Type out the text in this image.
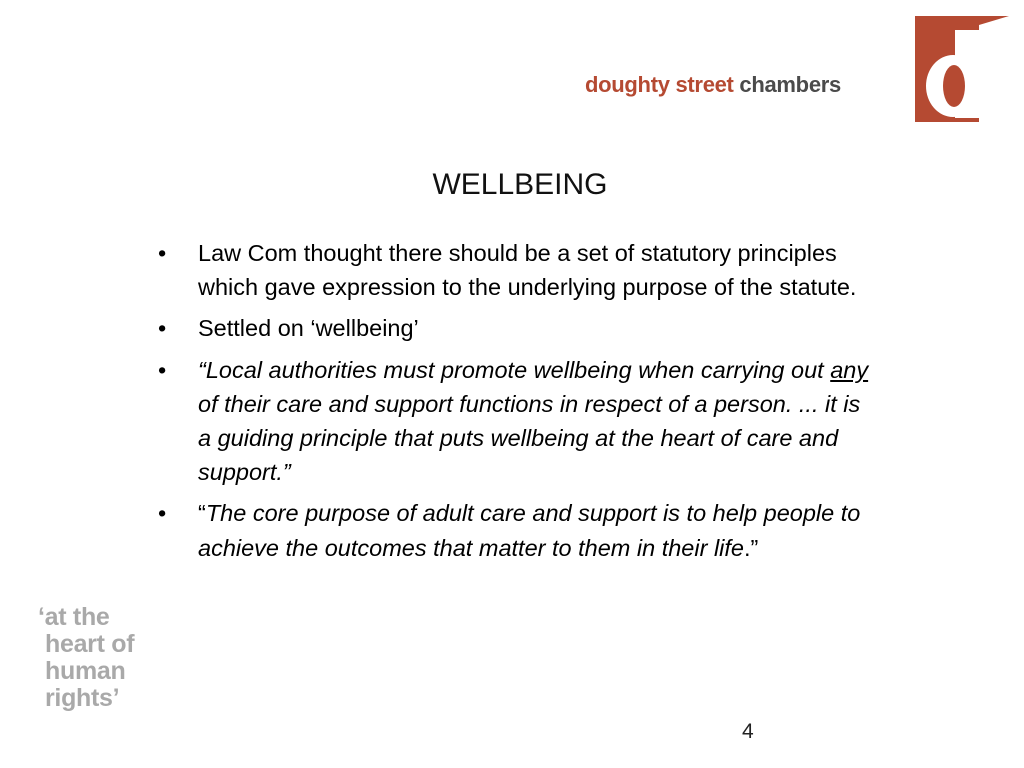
doughty street chambers
WELLBEING
• Law Com thought there should be a set of statutory principles which gave expression to the underlying purpose of the statute.
• Settled on ‘wellbeing’
• “Local authorities must promote wellbeing when carrying out any of their care and support functions in respect of a person. ... it is a guiding principle that puts wellbeing at the heart of care and support.”
• “The core purpose of adult care and support is to help people to achieve the outcomes that matter to them in their life.”
‘at the
heart of
human
rights’
4
